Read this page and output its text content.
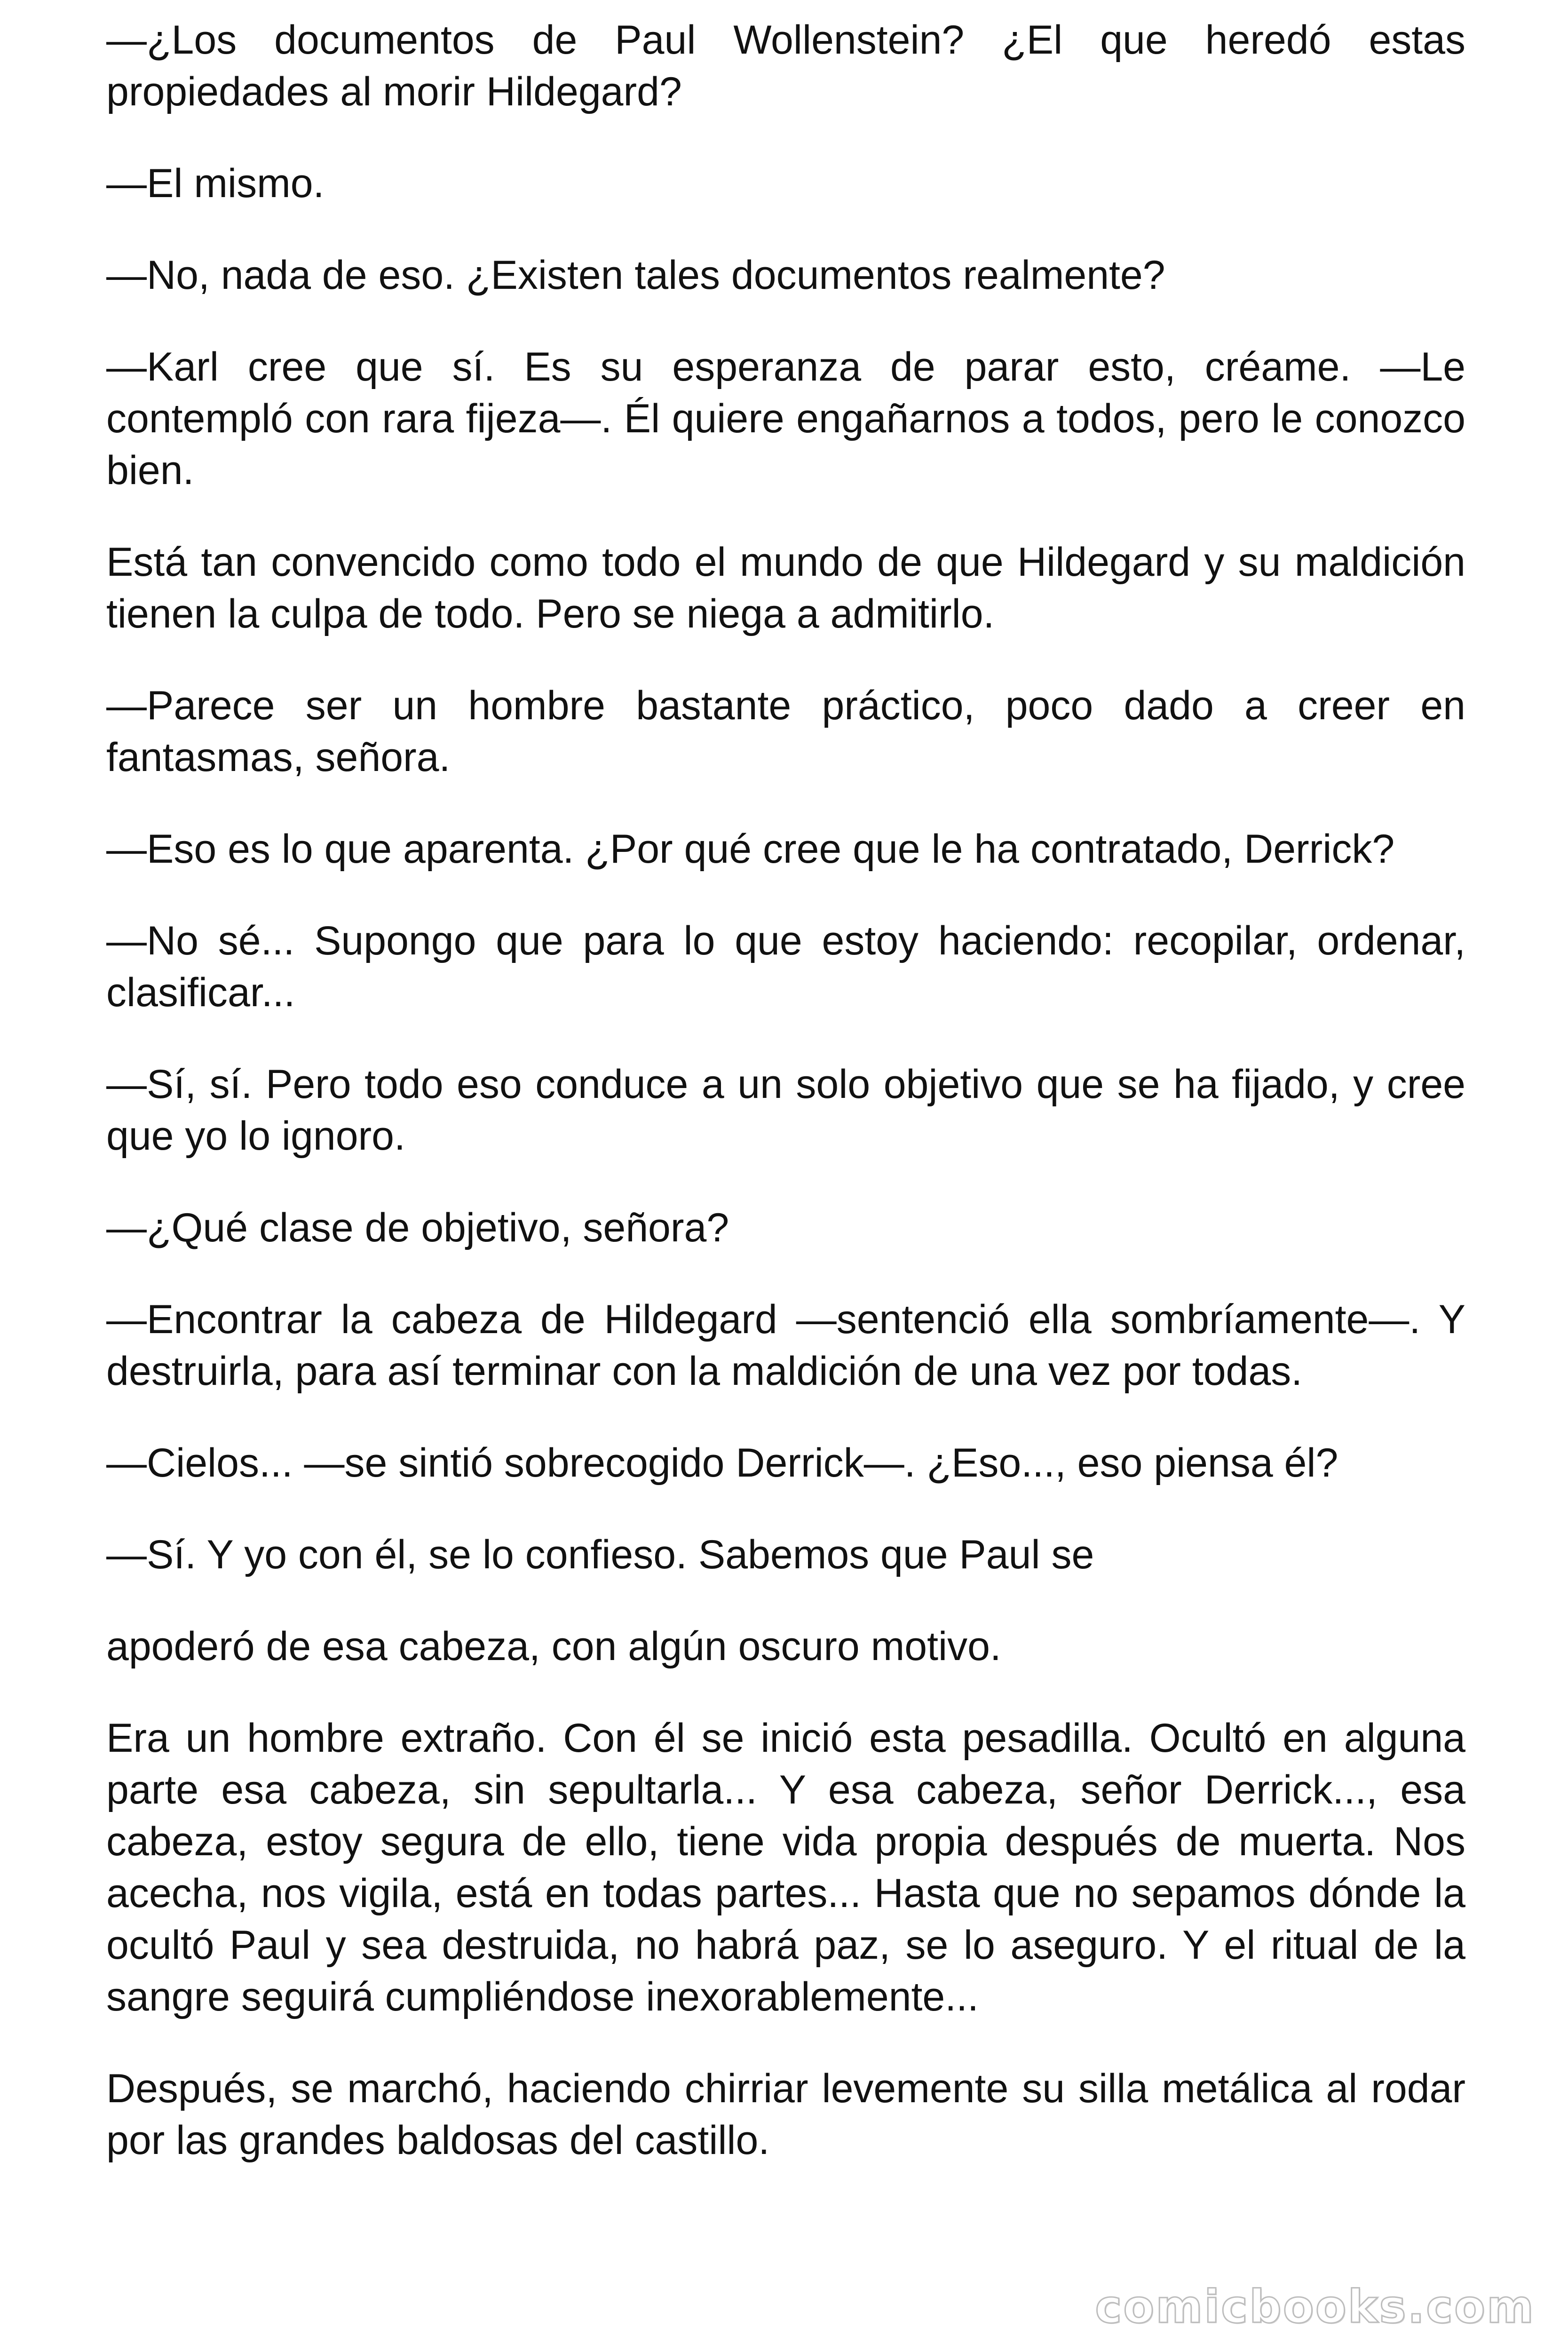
—¿Los documentos de Paul Wollenstein? ¿El que heredó estas propiedades al morir Hildegard?

—El mismo.

—No, nada de eso. ¿Existen tales documentos realmente?

—Karl cree que sí. Es su esperanza de parar esto, créame. —Le contempló con rara fijeza—. Él quiere engañarnos a todos, pero le conozco bien.

Está tan convencido como todo el mundo de que Hildegard y su maldición tienen la culpa de todo. Pero se niega a admitirlo.

—Parece ser un hombre bastante práctico, poco dado a creer en fantasmas, señora.

—Eso es lo que aparenta. ¿Por qué cree que le ha contratado, Derrick?

—No sé... Supongo que para lo que estoy haciendo: recopilar, ordenar, clasificar...

—Sí, sí. Pero todo eso conduce a un solo objetivo que se ha fijado, y cree que yo lo ignoro.

—¿Qué clase de objetivo, señora?

—Encontrar la cabeza de Hildegard —sentenció ella sombríamente—. Y destruirla, para así terminar con la maldición de una vez por todas.

—Cielos... —se sintió sobrecogido Derrick—. ¿Eso..., eso piensa él?

—Sí. Y yo con él, se lo confieso. Sabemos que Paul se

apoderó de esa cabeza, con algún oscuro motivo.

Era un hombre extraño. Con él se inició esta pesadilla. Ocultó en alguna parte esa cabeza, sin sepultarla... Y esa cabeza, señor Derrick..., esa cabeza, estoy segura de ello, tiene vida propia después de muerta. Nos acecha, nos vigila, está en todas partes... Hasta que no sepamos dónde la ocultó Paul y sea destruida, no habrá paz, se lo aseguro. Y el ritual de la sangre seguirá cumpliéndose inexorablemente...

Después, se marchó, haciendo chirriar levemente su silla metálica al rodar por las grandes baldosas del castillo.

comicbooks.com
